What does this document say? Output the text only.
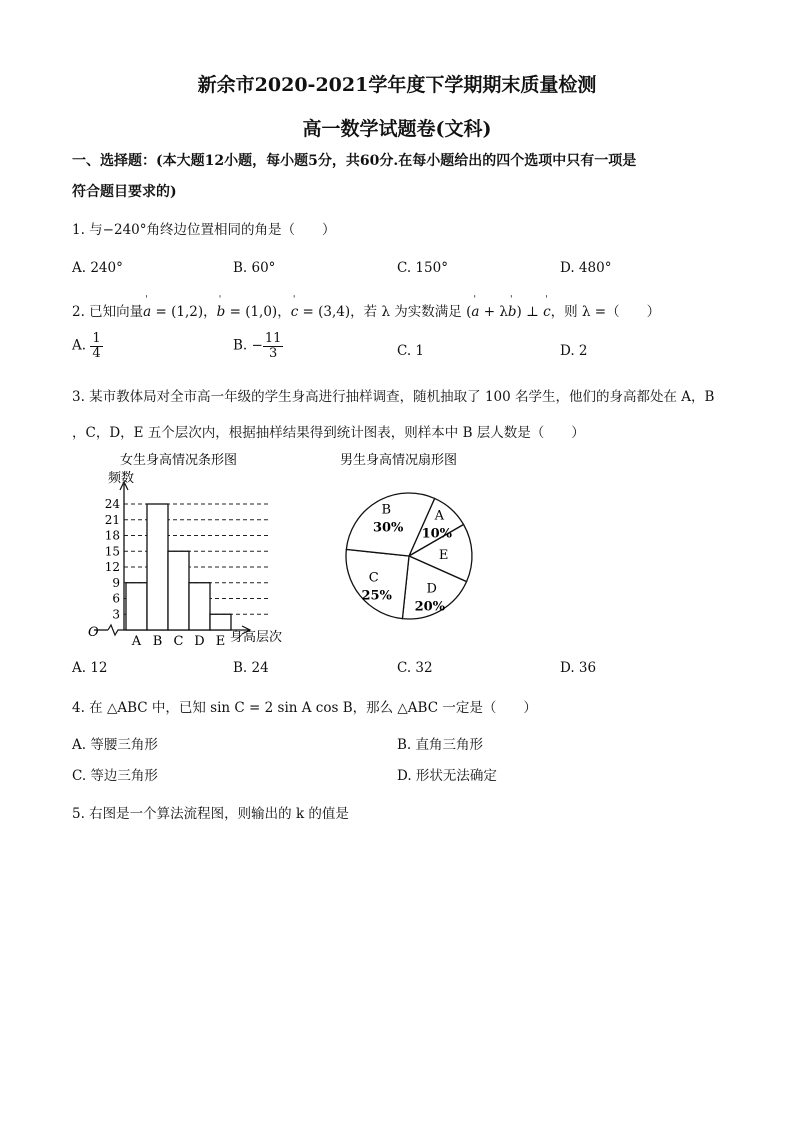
新余市2020-2021学年度下学期期末质量检测
高一数学试题卷(文科)
一、选择题：(本大题12小题，每小题5分，共60分.在每小题给出的四个选项中只有一项是
符合题目要求的)
1. 与−240°角终边位置相同的角是（　　）
A. 240°	B. 60°	C. 150°	D. 480°
2. 已知向量ˈ a = (1,2)，ˈ b = (1,0)，ˈ c = (3,4)，若 λ 为实数满足 (ˈ a + λˈ b) ⊥ ˈ c，则 λ =（　　）
A. $\frac{1}{4}$	B. − $\frac{11}{3}$	C. 1	D. 2
3. 某市教体局对全市高一年级的学生身高进行抽样调查，随机抽取了 100 名学生，他们的身高都处在 A，B
，C，D，E 五个层次内，根据抽样结果得到统计图表，则样本中 B 层人数是（　　）
女生身高情况条形图
频数
身高层次
O
3
6
9
12
15
18
21
24
A B C D E
男生身高情况扇形图
A
10%
E
D
20%
C
25%
B
30%
A. 12	B. 24	C. 32	D. 36
4. 在 △ABC 中，已知 sin C = 2 sin A cos B，那么 △ABC 一定是（　　）
A. 等腰三角形	B. 直角三角形
C. 等边三角形	D. 形状无法确定
5. 右图是一个算法流程图，则输出的 k 的值是
